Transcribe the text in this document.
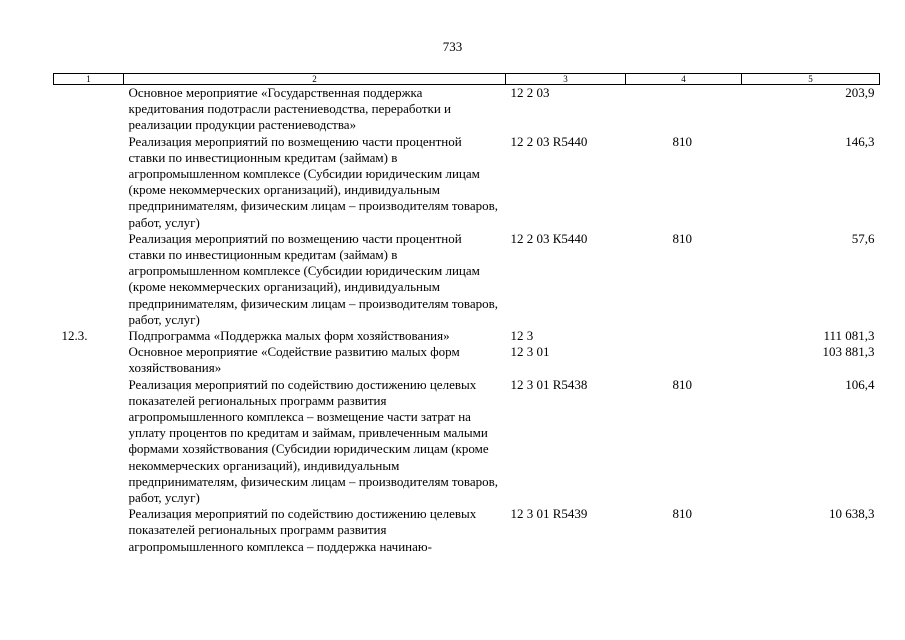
733
1	2	3	4	5
	Основное мероприятие «Государственная поддержка кредитования подотрасли растениеводства, переработки и реализации продукции растениеводства»	12 2 03		203,9
	Реализация мероприятий по возмещению части процентной ставки по инвестиционным кредитам (займам) в агропромышленном комплексе (Субсидии юридическим лицам (кроме некоммерческих организаций), индивидуальным предпринимателям, физическим лицам – производителям товаров, работ, услуг)	12 2 03 R5440	810	146,3
	Реализация мероприятий по возмещению части процентной ставки по инвестиционным кредитам (займам) в агропромышленном комплексе (Субсидии юридическим лицам (кроме некоммерческих организаций), индивидуальным предпринимателям, физическим лицам – производителям товаров, работ, услуг)	12 2 03 К5440	810	57,6
12.3.	Подпрограмма «Поддержка малых форм хозяйствования»	12 3		111 081,3
	Основное мероприятие «Содействие развитию малых форм хозяйствования»	12 3 01		103 881,3
	Реализация мероприятий по содействию достижению целевых показателей региональных программ развития агропромышленного комплекса – возмещение части затрат на уплату процентов по кредитам и займам, привлеченным малыми формами хозяйствования (Субсидии юридическим лицам (кроме некоммерческих организаций), индивидуальным предпринимателям, физическим лицам – производителям товаров, работ, услуг)	12 3 01 R5438	810	106,4
	Реализация мероприятий по содействию достижению целевых показателей региональных программ развития агропромышленного комплекса – поддержка начинаю-	12 3 01 R5439	810	10 638,3
